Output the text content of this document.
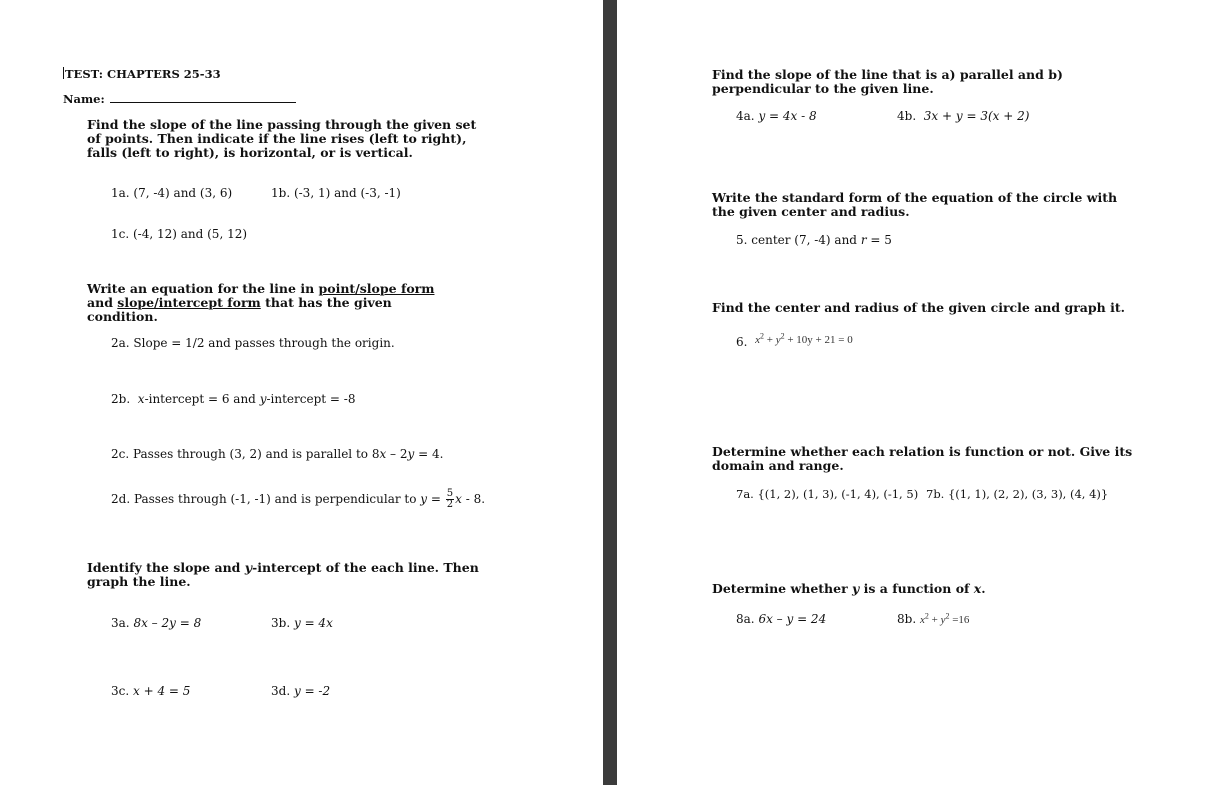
TEST: CHAPTERS 25-33
Name:
Find the slope of the line passing through the given set of points. Then indicate if the line rises (left to right), falls (left to right), is horizontal, or is vertical.
1a. (7, -4) and (3, 6)	1b. (-3, 1) and (-3, -1)
1c. (-4, 12) and (5, 12)
Write an equation for the line in point/slope form and slope/intercept form that has the given condition.
2a. Slope = 1/2 and passes through the origin.
2b. x-intercept = 6 and y-intercept = -8
2c. Passes through (3, 2) and is parallel to 8x – 2y = 4.
2d. Passes through (-1, -1) and is perpendicular to $y = \frac{5}{2}$ x - 8.
Identify the slope and y-intercept of the each line. Then graph the line.
3a. 8x – 2y = 8	3b. y = 4x
3c. x + 4 = 5	3d. y = -2
Find the slope of the line that is a) parallel and b) perpendicular to the given line.
4a. y = 4x - 8	4b. 3x + y = 3(x + 2)
Write the standard form of the equation of the circle with the given center and radius.
5. center (7, -4) and r = 5
Find the center and radius of the given circle and graph it.
6. $x^2 + y^2 + 10y + 21 = 0$
Determine whether each relation is function or not. Give its domain and range.
7a. {(1, 2), (1, 3), (-1, 4), (-1, 5) 7b. {(1, 1), (2, 2), (3, 3), (4, 4)}
Determine whether y is a function of x.
8a. 6x – y = 24	8b. $x^2 + y^2 =16$
